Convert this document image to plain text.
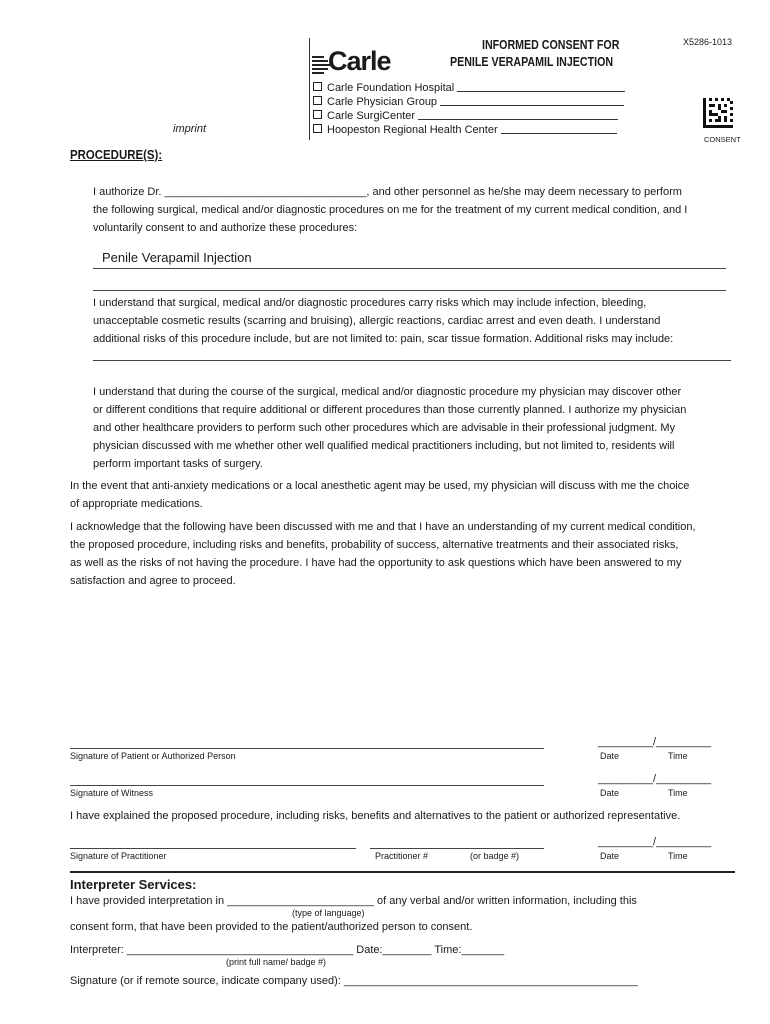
X5286-1013
INFORMED CONSENT FOR
PENILE VERAPAMIL INJECTION
Carle
Carle Foundation Hospital
Carle Physician Group
Carle SurgiCenter
Hoopeston Regional Health Center
imprint
CONSENT
PROCEDURE(S):
I authorize Dr. _________________________________, and other personnel as he/she may deem necessary to perform
the following surgical, medical and/or diagnostic procedures on me for the treatment of my current medical condition, and I
voluntarily consent to and authorize these procedures:
Penile Verapamil Injection
I understand that surgical, medical and/or diagnostic procedures carry risks which may include infection, bleeding,
unacceptable cosmetic results (scarring and bruising), allergic reactions, cardiac arrest and even death. I understand
additional risks of this procedure include, but are not limited to: pain, scar tissue formation. Additional risks may include:
I understand that during the course of the surgical, medical and/or diagnostic procedure my physician may discover other
or different conditions that require additional or different procedures than those currently planned. I authorize my physician
and other healthcare providers to perform such other procedures which are advisable in their professional judgment. My
physician discussed with me whether other well qualified medical practitioners including, but not limited to, residents will
perform important tasks of surgery.
In the event that anti-anxiety medications or a local anesthetic agent may be used, my physician will discuss with me the choice
of appropriate medications.
I acknowledge that the following have been discussed with me and that I have an understanding of my current medical condition,
the proposed procedure, including risks and benefits, probability of success, alternative treatments and their associated risks,
as well as the risks of not having the procedure. I have had the opportunity to ask questions which have been answered to my
satisfaction and agree to proceed.
Signature of Patient or Authorized Person
_________/_________
Date	Time
Signature of Witness
_________/_________
Date	Time
I have explained the proposed procedure, including risks, benefits and alternatives to the patient or authorized representative.
Signature of Practitioner	Practitioner #	(or badge #)
_________/_________
Date	Time
Interpreter Services:
I have provided interpretation in ________________________ of any verbal and/or written information, including this
(type of language)
consent form, that have been provided to the patient/authorized person to consent.
Interpreter: _____________________________________ Date:________ Time:_______
(print full name/ badge #)
Signature (or if remote source, indicate company used): ________________________________________________
